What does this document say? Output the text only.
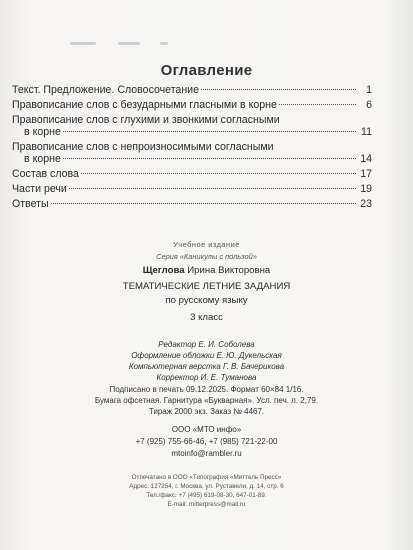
Оглавление
Текст. Предложение. Словосочетание	1
Правописание слов с безударными гласными в корне	6
Правописание слов с глухими и звонкими согласными
в корне	11
Правописание слов с непроизносимыми согласными
в корне	14
Состав слова	17
Части речи	19
Ответы	23
Учебное издание
Серия «Каникулы с пользой»
Щеглова Ирина Викторовна
ТЕМАТИЧЕСКИЕ ЛЕТНИЕ ЗАДАНИЯ
по русскому языку
3 класс
Редактор Е. И. Соболева
Оформление обложки Е. Ю. Дукельская
Компьютерная верстка Г. В. Бачерикова
Корректор И. Е. Туманова
Подписано в печать 09.12.2025. Формат 60×84 1/16.
Бумага офсетная. Гарнитура «Букварная». Усл. печ. л. 2,79.
Тираж 2000 экз. Заказ № 4467.
ООО «МТО инфо»
+7 (925) 755-66-46, +7 (985) 721-22-00
mtoinfo@rambler.ru
Отпечатано в ООО «Типография «Миттель Пресс»
Адрес: 127254, г. Москва, ул. Руставели, д. 14, стр. 6
Тел./факс: +7 (495) 619-08-30, 647-01-89.
E-mail: mitterpress@mail.ru
